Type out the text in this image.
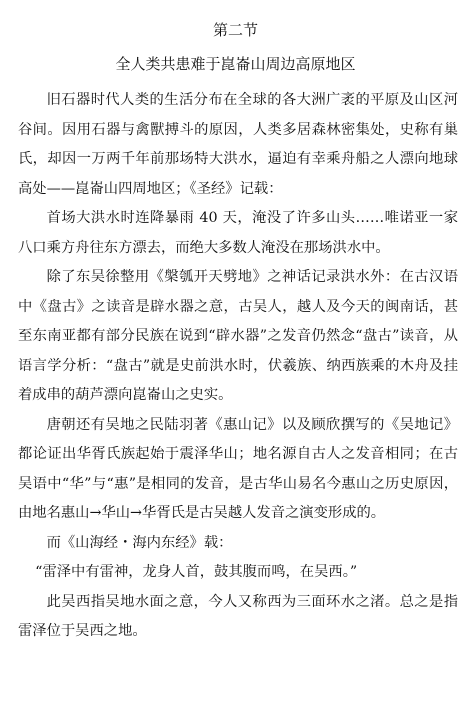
第二节
全人类共患难于崑崙山周边高原地区

旧石器时代人类的生活分布在全球的各大洲广袤的平原及山区河谷间。因用石器与禽獸搏斗的原因，人类多居森林密集处，史称有巢氏，却因一万两千年前那场特大洪水，逼迫有幸乘舟船之人漂向地球高处——崑崙山四周地区；《圣经》记载：

首场大洪水时连降暴雨 40 天，淹没了许多山头……唯诺亚一家八口乘方舟往东方漂去，而绝大多数人淹没在那场洪水中。

除了东吴徐整用《槃瓠开天劈地》之神话记录洪水外：在古汉语中《盘古》之读音是辟水器之意，古吴人，越人及今天的闽南话，甚至东南亚都有部分民族在说到“辟水器”之发音仍然念“盘古”读音，从语言学分析：“盘古”就是史前洪水时，伏羲族、纳西族乘的木舟及挂着成串的葫芦漂向崑崙山之史实。

唐朝还有吴地之民陆羽著《惠山记》以及顾欣撰写的《吴地记》都论证出华胥氏族起始于震泽华山；地名源自古人之发音相同；在古吴语中“华”与“惠”是相同的发音，是古华山易名今惠山之历史原因，由地名惠山→华山→华胥氏是古吴越人发音之演变形成的。

而《山海经・海内东经》载：

“雷泽中有雷神，龙身人首，鼓其腹而鸣，在吴西。”

此吴西指吴地水面之意，今人又称西为三面环水之渚。总之是指雷泽位于吴西之地。
